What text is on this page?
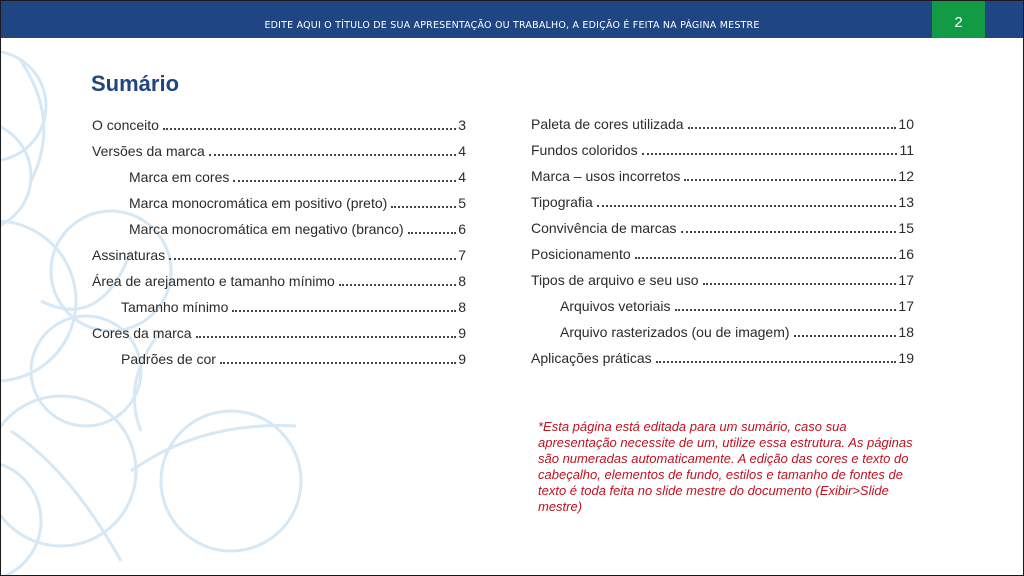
EDITE AQUI O TÍTULO DE SUA APRESENTAÇÃO OU TRABALHO, A EDIÇÃO É FEITA NA PÁGINA MESTRE	2
Sumário
O conceito	3
Versões da marca	4
Marca em cores	4
Marca monocromática em positivo (preto)	5
Marca monocromática em negativo (branco)	6
Assinaturas	7
Área de arejamento e tamanho mínimo	8
Tamanho mínimo	8
Cores da marca	9
Padrões de cor	9
Paleta de cores utilizada	10
Fundos coloridos	11
Marca – usos incorretos	12
Tipografia	13
Convivência de marcas	15
Posicionamento	16
Tipos de arquivo e seu uso	17
Arquivos vetoriais	17
Arquivo rasterizados (ou de imagem)	18
Aplicações práticas	19
*Esta página está editada para um sumário, caso sua apresentação necessite de um, utilize essa estrutura. As páginas são numeradas automaticamente. A edição das cores e texto do cabeçalho, elementos de fundo, estilos e tamanho de fontes de texto é toda feita no slide mestre do documento (Exibir>Slide mestre)
